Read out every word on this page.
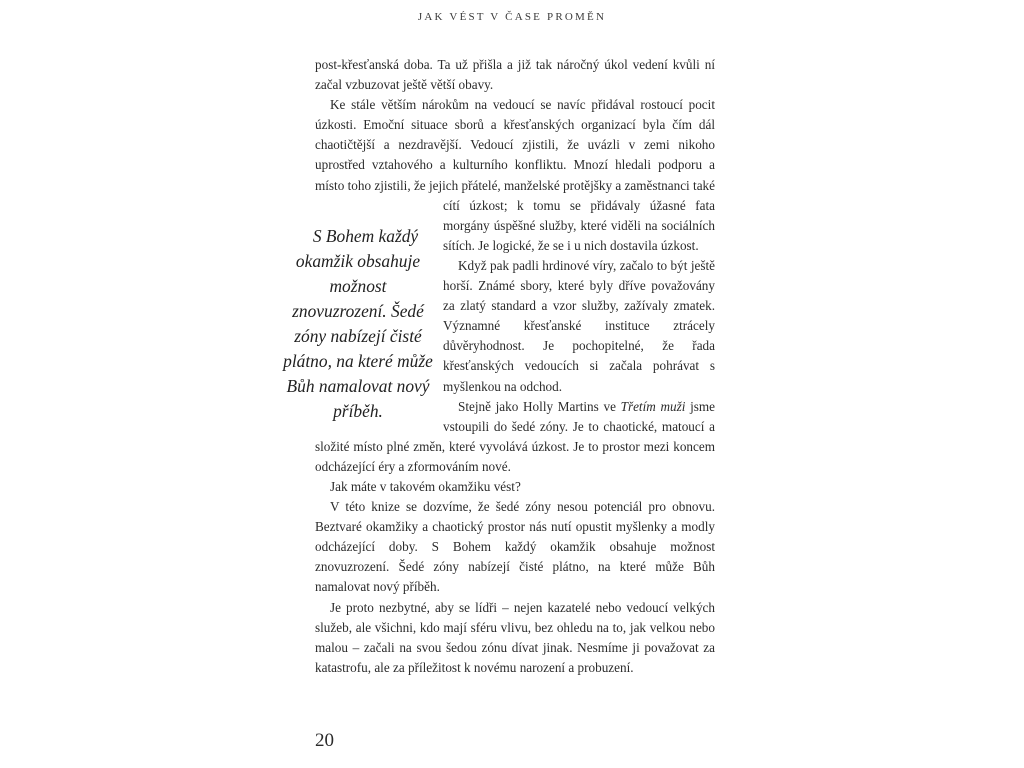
JAK VÉST V ČASE PROMĚN

post-křesťanská doba. Ta už přišla a již tak náročný úkol vedení kvůli ní začal vzbuzovat ještě větší obavy.

Ke stále větším nárokům na vedoucí se navíc přidával rostoucí pocit úzkosti. Emoční situace sborů a křesťanských organizací byla čím dál chaotičtější a nezdravější. Vedoucí zjistili, že uvázli v zemi nikoho uprostřed vztahového a kulturního konfliktu. Mnozí hledali podporu a místo toho zjistili, že jejich přátelé, manželské protějšky a zaměstnanci také
S Bohem každý okamžik obsahuje možnost znovuzrození. Šedé zóny nabízejí čisté plátno, na které může Bůh namalovat nový příběh.
cítí úzkost; k tomu se přidávaly úžasné fata morgány úspěšné služby, které viděli na sociálních sítích. Je logické, že se i u nich dostavila úzkost.

Když pak padli hrdinové víry, začalo to být ještě horší. Známé sbory, které byly dříve považovány za zlatý standard a vzor služby, zažívaly zmatek. Významné křesťanské instituce ztrácely důvěryhodnost. Je pochopitelné, že řada křesťanských vedoucích si začala pohrávat s myšlenkou na odchod.

Stejně jako Holly Martins ve Třetím muži jsme vstoupili do šedé zóny. Je to chaotické, matoucí a složité místo plné změn, které vyvolává úzkost. Je to prostor mezi koncem odcházející éry a zformováním nové.

Jak máte v takovém okamžiku vést?

V této knize se dozvíme, že šedé zóny nesou potenciál pro obnovu. Beztvaré okamžiky a chaotický prostor nás nutí opustit myšlenky a modly odcházející doby. S Bohem každý okamžik obsahuje možnost znovuzrození. Šedé zóny nabízejí čisté plátno, na které může Bůh namalovat nový příběh.

Je proto nezbytné, aby se lídři – nejen kazatelé nebo vedoucí velkých služeb, ale všichni, kdo mají sféru vlivu, bez ohledu na to, jak velkou nebo malou – začali na svou šedou zónu dívat jinak. Nesmíme ji považovat za katastrofu, ale za příležitost k novému narození a probuzení.

20
